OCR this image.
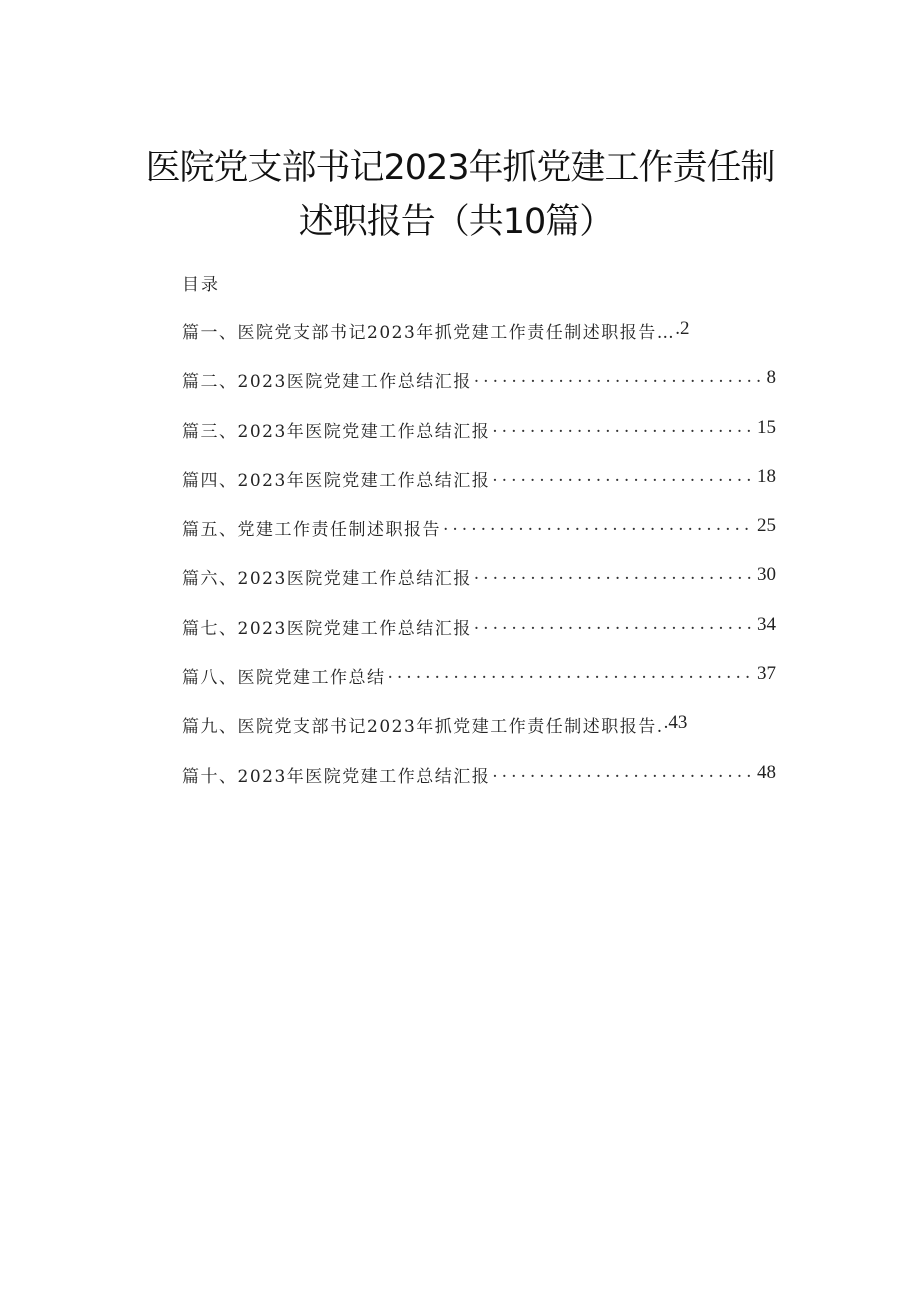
医院党支部书记2023年抓党建工作责任制
述职报告（共10篇）
目录
篇一、医院党支部书记2023年抓党建工作责任制述职报告… .2
篇二、2023医院党建工作总结汇报 .....	8
篇三、2023年医院党建工作总结汇报 .....	15
篇四、2023年医院党建工作总结汇报 .....	18
篇五、党建工作责任制述职报告 .....	25
篇六、2023医院党建工作总结汇报 .....	30
篇七、2023医院党建工作总结汇报 .....	34
篇八、医院党建工作总结 .....	37
篇九、医院党支部书记2023年抓党建工作责任制述职报告. .43
篇十、2023年医院党建工作总结汇报 .....	48
